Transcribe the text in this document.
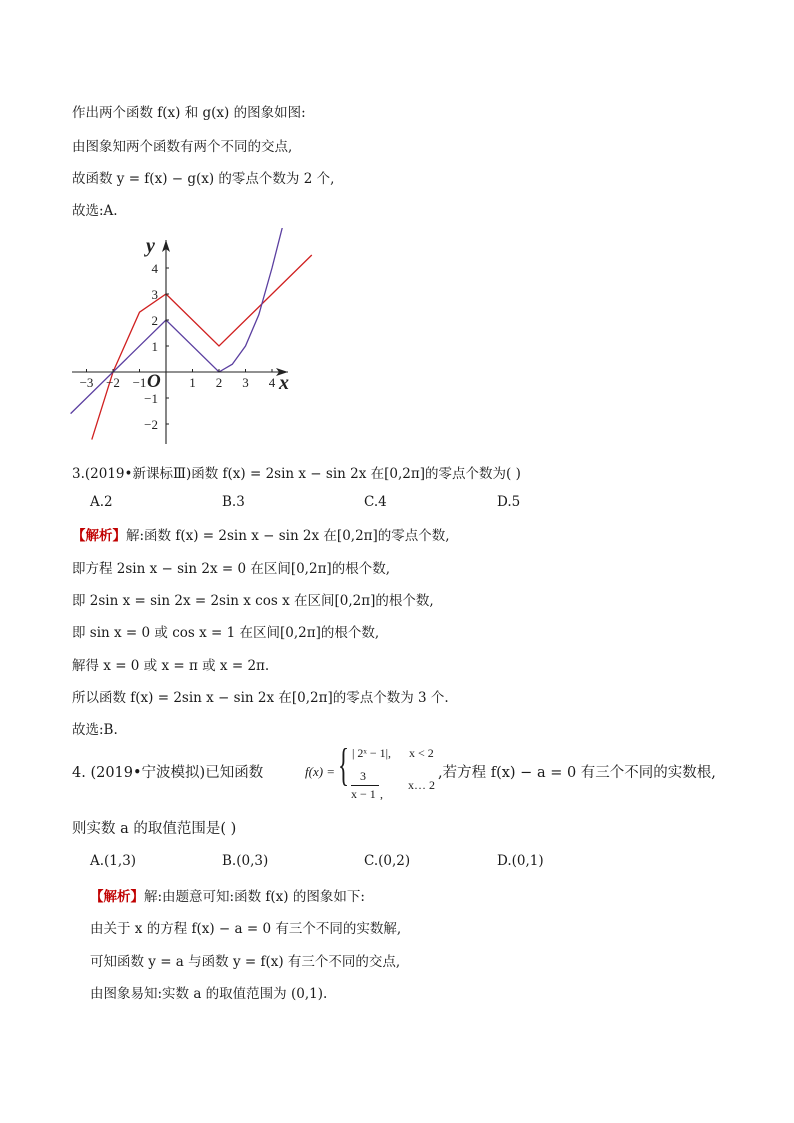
作出两个函数 f(x) 和 g(x) 的图象如图:
由图象知两个函数有两个不同的交点,
故函数 y = f(x) − g(x) 的零点个数为 2 个,
故选:A.
−3 −2 −1	1 2 3 4
4
3
2
1
−1
−2
x
y
O
3.(2019•新课标Ⅲ)函数 f(x) = 2sin x − sin 2x 在[0,2π]的零点个数为( )
A.2	B.3	C.4	D.5
【解析】解:函数 f(x) = 2sin x − sin 2x 在[0,2π]的零点个数,
即方程 2sin x − sin 2x = 0 在区间[0,2π]的根个数,
即 2sin x = sin 2x = 2sin x cos x 在区间[0,2π]的根个数,
即 sin x = 0 或 cos x = 1 在区间[0,2π]的根个数,
解得 x = 0 或 x = π 或 x = 2π.
所以函数 f(x) = 2sin x − sin 2x 在[0,2π]的零点个数为 3 个.
故选:B.
4. (2019•宁波模拟)已知函数	f(x) = { | 2ˣ − 1|, x < 2
3
x − 1 ,
x… 2
,若方程 f(x) − a = 0 有三个不同的实数根,
则实数 a 的取值范围是( )
A.(1,3)	B.(0,3)	C.(0,2)	D.(0,1)
【解析】解:由题意可知:函数 f(x) 的图象如下:
由关于 x 的方程 f(x) − a = 0 有三个不同的实数解,
可知函数 y = a 与函数 y = f(x) 有三个不同的交点,
由图象易知:实数 a 的取值范围为 (0,1).
